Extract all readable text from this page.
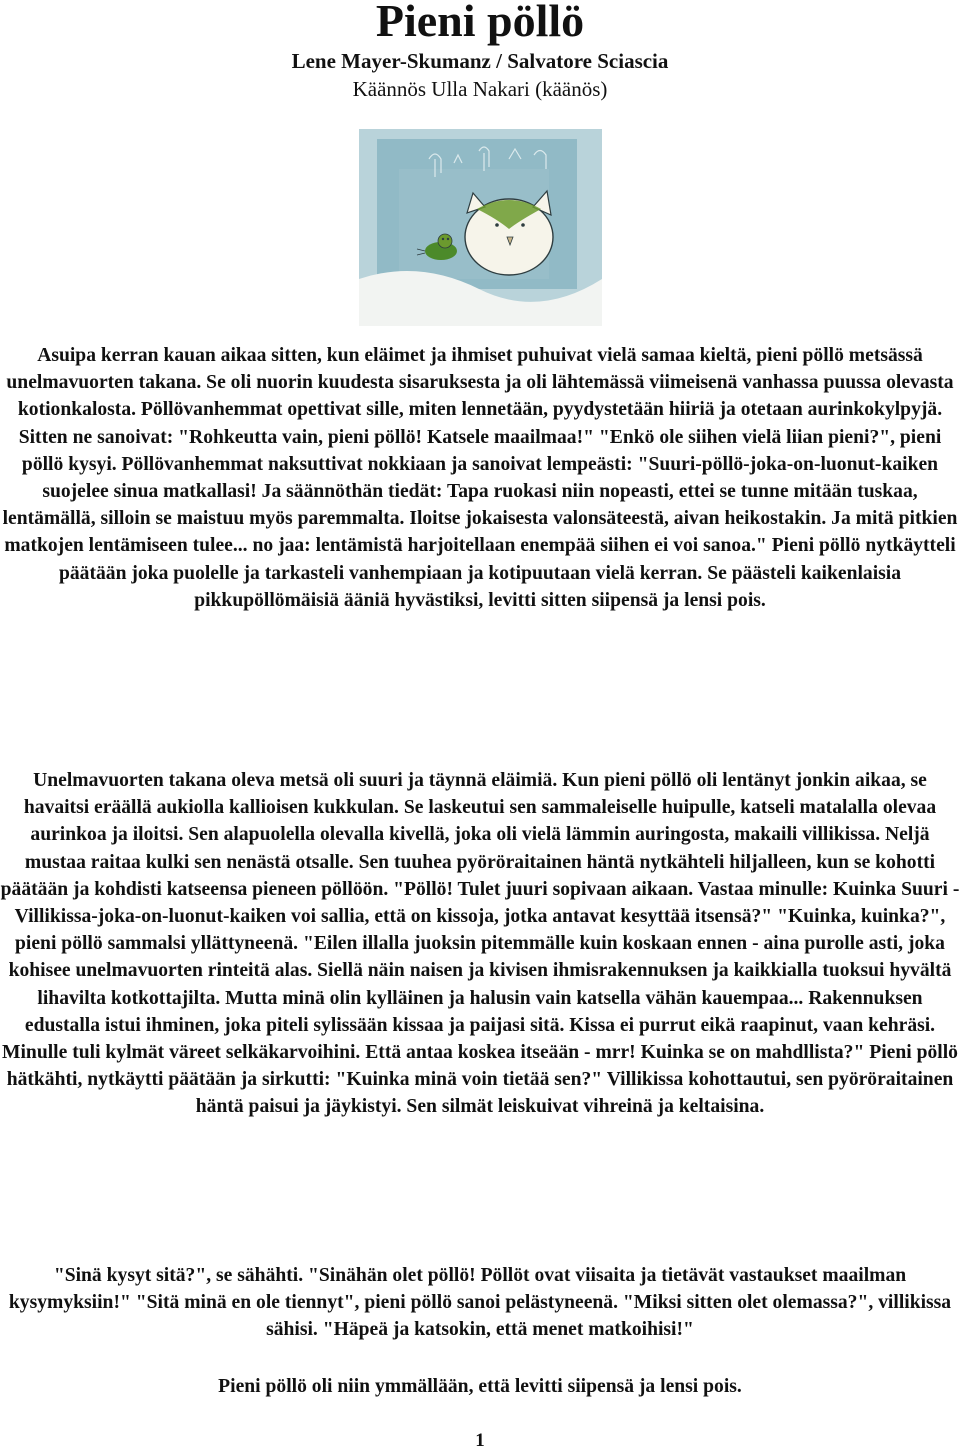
Pieni pöllö
Lene Mayer-Skumanz / Salvatore Sciascia
Käännös Ulla Nakari (käänös)

Asuipa kerran kauan aikaa sitten, kun eläimet ja ihmiset puhuivat vielä samaa kieltä, pieni pöllö metsässä unelmavuorten takana. Se oli nuorin kuudesta sisaruksesta ja oli lähtemässä viimeisenä vanhassa puussa olevasta kotionkalosta. Pöllövanhemmat opettivat sille, miten lennetään, pyydystetään hiiriä ja otetaan aurinkokylpyjä. Sitten ne sanoivat: "Rohkeutta vain, pieni pöllö! Katsele maailmaa!" "Enkö ole siihen vielä liian pieni?", pieni pöllö kysyi. Pöllövanhemmat naksuttivat nokkiaan ja sanoivat lempeästi: "Suuri-pöllö-joka-on-luonut-kaiken suojelee sinua matkallasi! Ja säännöthän tiedät: Tapa ruokasi niin nopeasti, ettei se tunne mitään tuskaa, lentämällä, silloin se maistuu myös paremmalta. Iloitse jokaisesta valonsäteestä, aivan heikostakin. Ja mitä pitkien matkojen lentämiseen tulee... no jaa: lentämistä harjoitellaan enempää siihen ei voi sanoa." Pieni pöllö nytkäytteli päätään joka puolelle ja tarkasteli vanhempiaan ja kotipuutaan vielä kerran. Se päästeli kaikenlaisia pikkupöllömäisiä ääniä hyvästiksi, levitti sitten siipensä ja lensi pois.

Unelmavuorten takana oleva metsä oli suuri ja täynnä eläimiä. Kun pieni pöllö oli lentänyt jonkin aikaa, se havaitsi eräällä aukiolla kallioisen kukkulan. Se laskeutui sen sammaleiselle huipulle, katseli matalalla olevaa aurinkoa ja iloitsi. Sen alapuolella olevalla kivellä, joka oli vielä lämmin auringosta, makaili villikissa. Neljä mustaa raitaa kulki sen nenästä otsalle. Sen tuuhea pyöröraitainen häntä nytkähteli hiljalleen, kun se kohotti päätään ja kohdisti katseensa pieneen pöllöön. "Pöllö! Tulet juuri sopivaan aikaan. Vastaa minulle: Kuinka Suuri - Villikissa-joka-on-luonut-kaiken voi sallia, että on kissoja, jotka antavat kesyttää itsensä?" "Kuinka, kuinka?", pieni pöllö sammalsi yllättyneenä. "Eilen illalla juoksin pitemmälle kuin koskaan ennen - aina purolle asti, joka kohisee unelmavuorten rinteitä alas. Siellä näin naisen ja kivisen ihmisrakennuksen ja kaikkialla tuoksui hyvältä lihavilta kotkottajilta. Mutta minä olin kylläinen ja halusin vain katsella vähän kauempaa... Rakennuksen edustalla istui ihminen, joka piteli sylissään kissaa ja paijasi sitä. Kissa ei purrut eikä raapinut, vaan kehräsi. Minulle tuli kylmät väreet selkäkarvoihini. Että antaa koskea itseään - mrr! Kuinka se on mahdllista?" Pieni pöllö hätkähti, nytkäytti päätään ja sirkutti: "Kuinka minä voin tietää sen?" Villikissa kohottautui, sen pyöröraitainen häntä paisui ja jäykistyi. Sen silmät leiskuivat vihreinä ja keltaisina.

"Sinä kysyt sitä?", se sähähti. "Sinähän olet pöllö! Pöllöt ovat viisaita ja tietävät vastaukset maailman kysymyksiin!" "Sitä minä en ole tiennyt", pieni pöllö sanoi pelästyneenä. "Miksi sitten olet olemassa?", villikissa sähisi. "Häpeä ja katsokin, että menet matkoihisi!"

Pieni pöllö oli niin ymmällään, että levitti siipensä ja lensi pois.

1
